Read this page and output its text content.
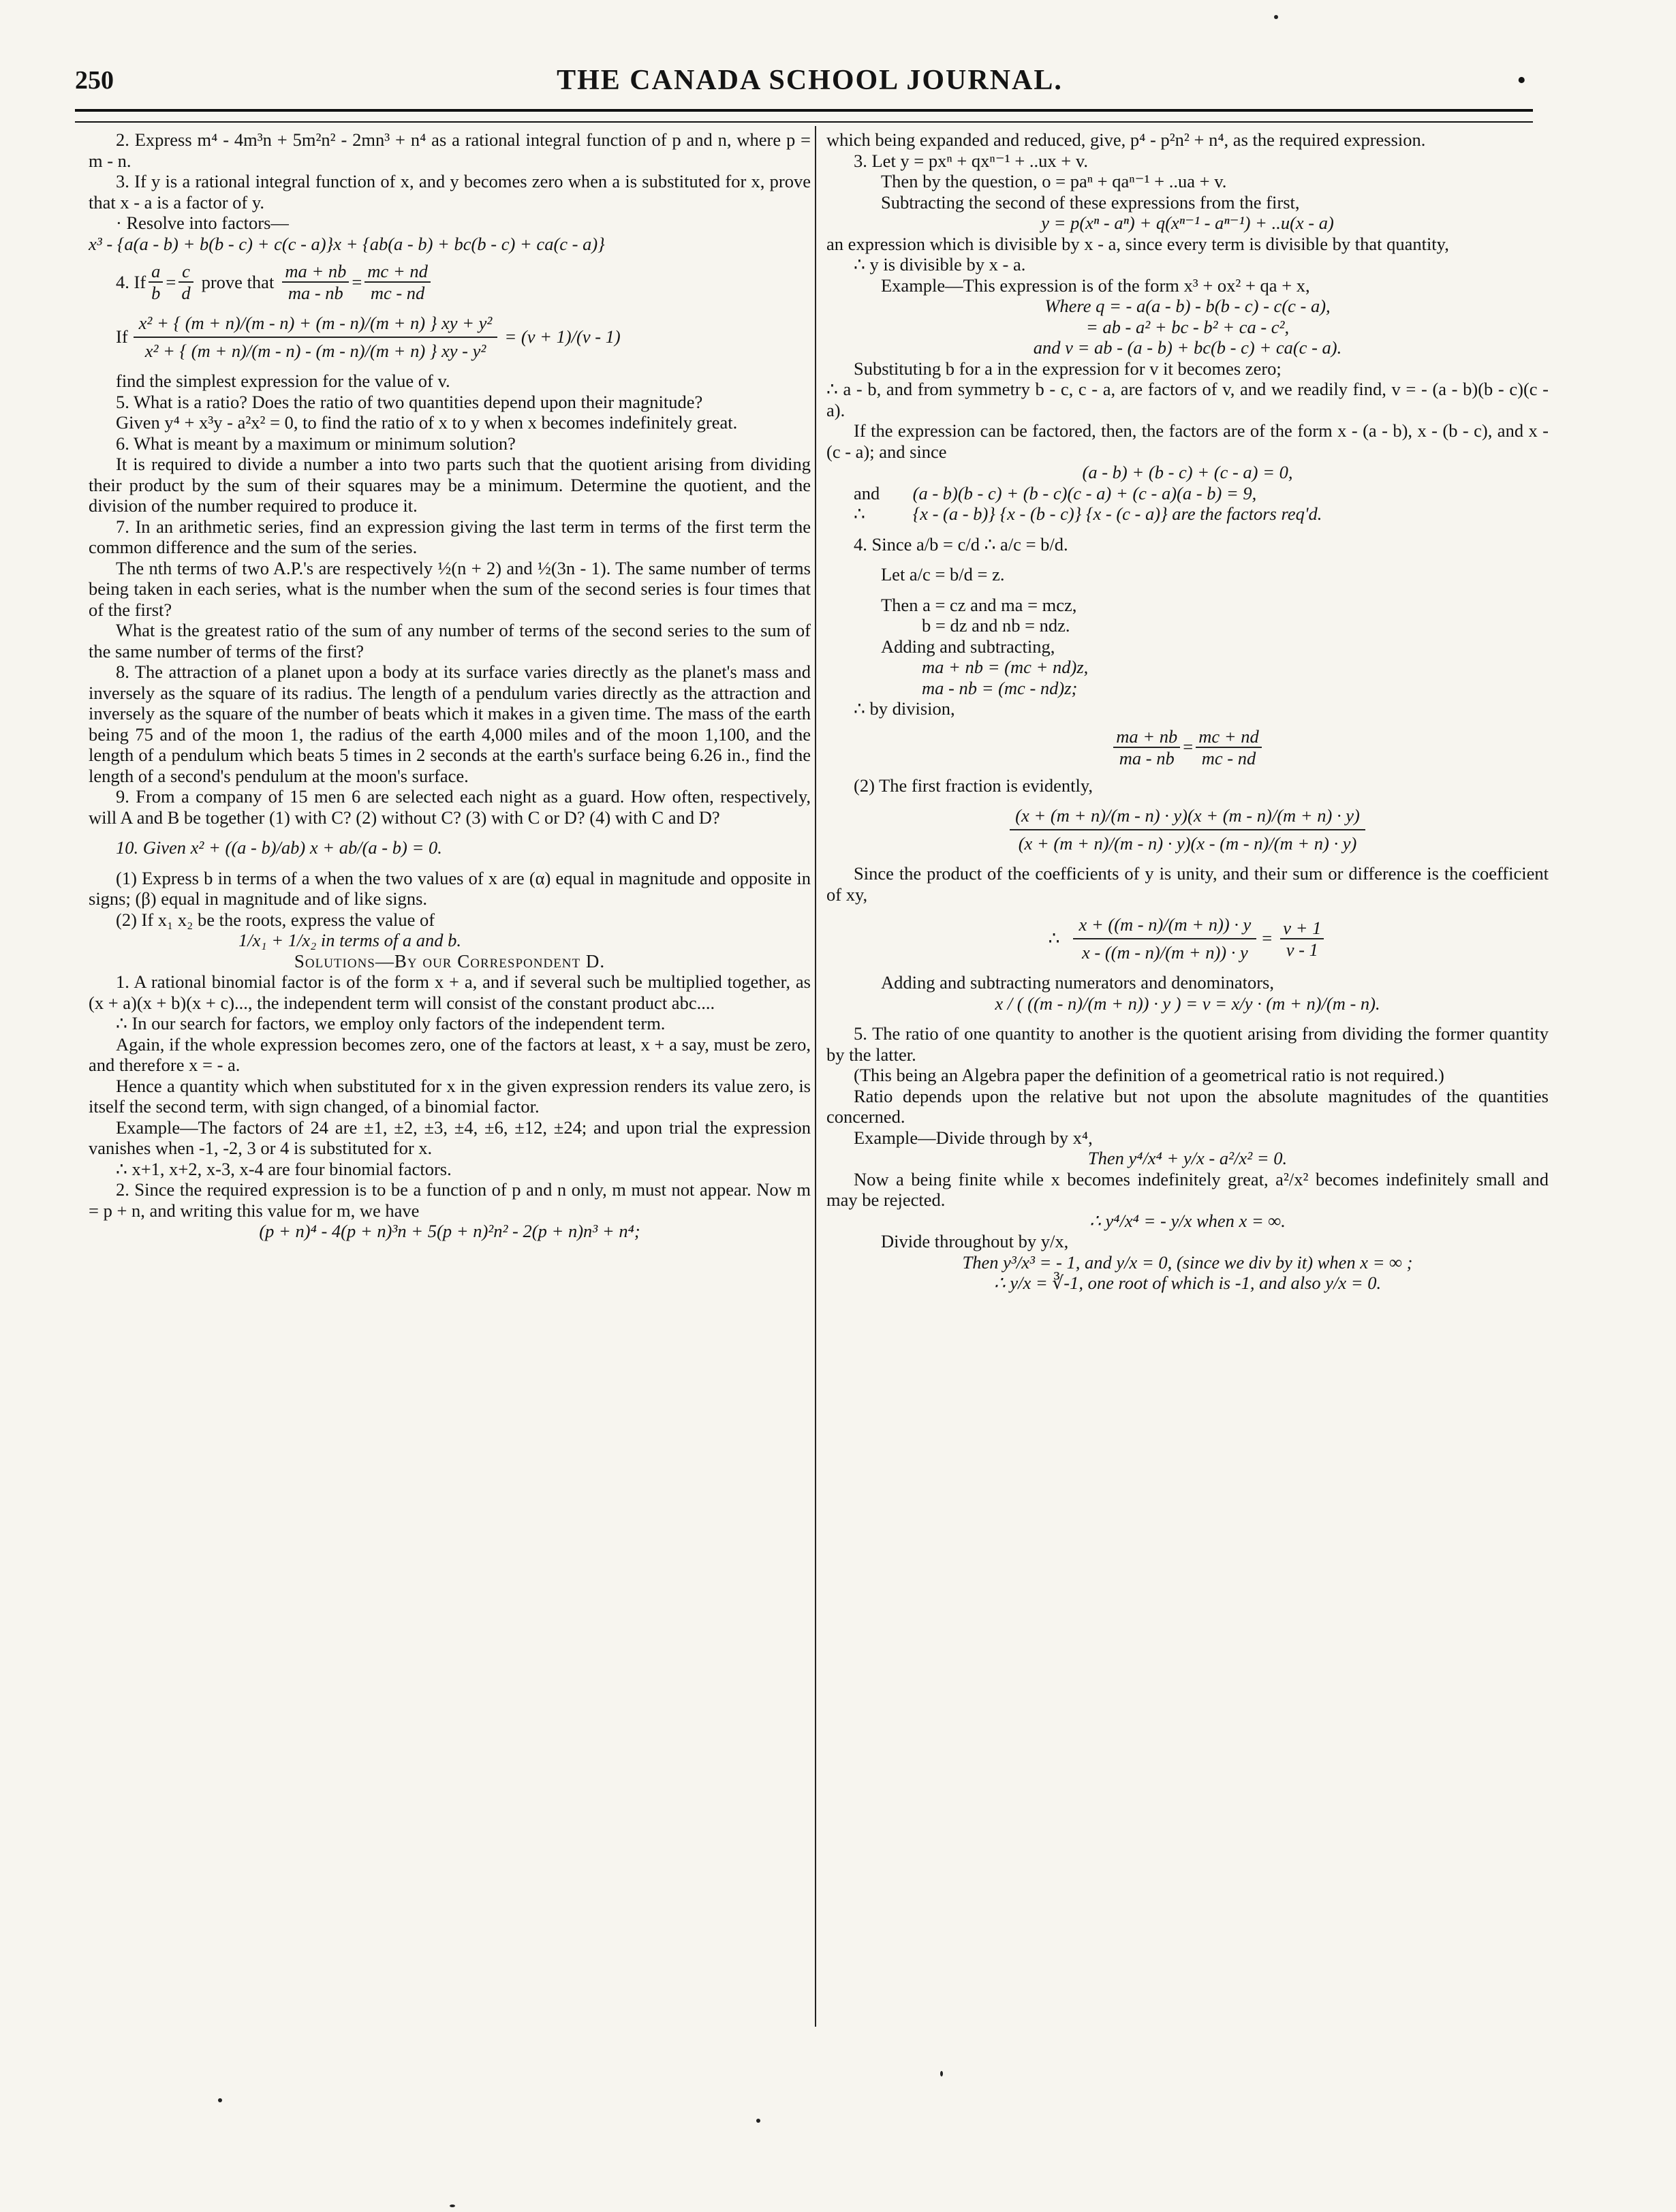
250	THE CANADA SCHOOL JOURNAL.	•

2. Express m⁴ - 4m³n + 5m²n² - 2mn³ + n⁴ as a rational integral function of p and n, where p = m - n.

3. If y is a rational integral function of x, and y becomes zero when a is substituted for x, prove that x - a is a factor of y.

· Resolve into factors—

x³ - {a(a - b) + b(b - c) + c(c - a)}x + {ab(a - b) + bc(b - c) + ca(c - a)}

4. If $\frac{a}{b} = \frac{c}{d}$ prove that $\frac{ma + nb}{ma - nb} = \frac{mc + nd}{mc - nd}$
If $\frac{\text{x² + \{ (m + n)/(m - n) + (m - n)/(m + n) \} xy + y²}}{\text{x² + \{ (m + n)/(m - n) - (m - n)/(m + n) \} xy - y²}} = (v + 1)/(v - 1)$

find the simplest expression for the value of v.

5. What is a ratio? Does the ratio of two quantities depend upon their magnitude?

Given y⁴ + x³y - a²x² = 0, to find the ratio of x to y when x becomes indefinitely great.

6. What is meant by a maximum or minimum solution?

It is required to divide a number a into two parts such that the quotient arising from dividing their product by the sum of their squares may be a minimum. Determine the quotient, and the division of the number required to produce it.

7. In an arithmetic series, find an expression giving the last term in terms of the first term the common difference and the sum of the series.

The nth terms of two A.P.'s are respectively ½(n + 2) and ½(3n - 1). The same number of terms being taken in each series, what is the number when the sum of the second series is four times that of the first?

What is the greatest ratio of the sum of any number of terms of the second series to the sum of the same number of terms of the first?

8. The attraction of a planet upon a body at its surface varies directly as the planet's mass and inversely as the square of its radius. The length of a pendulum varies directly as the attraction and inversely as the square of the number of beats which it makes in a given time. The mass of the earth being 75 and of the moon 1, the radius of the earth 4,000 miles and of the moon 1,100, and the length of a pendulum which beats 5 times in 2 seconds at the earth's surface being 6.26 in., find the length of a second's pendulum at the moon's surface.

9. From a company of 15 men 6 are selected each night as a guard. How often, respectively, will A and B be together (1) with C? (2) without C? (3) with C or D? (4) with C and D?

10. Given x² + ((a - b)/ab) x + ab/(a - b) = 0.

(1) Express b in terms of a when the two values of x are (α) equal in magnitude and opposite in signs; (β) equal in magnitude and of like signs.

(2) If x₁ x₂ be the roots, express the value of

1/x₁ + 1/x₂ in terms of a and b.

Solutions—By our Correspondent D.

1. A rational binomial factor is of the form x + a, and if several such be multiplied together, as (x + a)(x + b)(x + c)..., the independent term will consist of the constant product abc....

∴ In our search for factors, we employ only factors of the independent term.

Again, if the whole expression becomes zero, one of the factors at least, x + a say, must be zero, and therefore x = - a.

Hence a quantity which when substituted for x in the given expression renders its value zero, is itself the second term, with sign changed, of a binomial factor.

Example—The factors of 24 are ±1, ±2, ±3, ±4, ±6, ±12, ±24; and upon trial the expression vanishes when -1, -2, 3 or 4 is substituted for x.

∴ x+1, x+2, x-3, x-4 are four binomial factors.

2. Since the required expression is to be a function of p and n only, m must not appear. Now m = p + n, and writing this value for m, we have

(p + n)⁴ - 4(p + n)³n + 5(p + n)²n² - 2(p + n)n³ + n⁴;

which being expanded and reduced, give, p⁴ - p²n² + n⁴, as the required expression.

3. Let y = pxⁿ + qxⁿ⁻¹ + ..ux + v.

Then by the question, o = paⁿ + qaⁿ⁻¹ + ..ua + v.

Subtracting the second of these expressions from the first,

y = p(xⁿ - aⁿ) + q(xⁿ⁻¹ - aⁿ⁻¹) + ..u(x - a)

an expression which is divisible by x - a, since every term is divisible by that quantity,

∴ y is divisible by x - a.

Example—This expression is of the form x³ + ox² + qa + x,

Where q = - a(a - b) - b(b - c) - c(c - a),

= ab - a² + bc - b² + ca - c²,

and v = ab - (a - b) + bc(b - c) + ca(c - a).

Substituting b for a in the expression for v it becomes zero;

∴ a - b, and from symmetry b - c, c - a, are factors of v, and we readily find, v = - (a - b)(b - c)(c - a).

If the expression can be factored, then, the factors are of the form x - (a - b), x - (b - c), and x - (c - a); and since

(a - b) + (b - c) + (c - a) = 0,

and (a - b)(b - c) + (b - c)(c - a) + (c - a)(a - b) = 9,

∴	{x - (a - b)} {x - (b - c)} {x - (c - a)} are the factors req'd.

4. Since a/b = c/d ∴ a/c = b/d.

Let a/c = b/d = z.

Then a = cz and ma = mcz,

b = dz and nb = ndz.

Adding and subtracting,

ma + nb = (mc + nd)z,

ma - nb = (mc - nd)z;

∴ by division,

$\frac{ma + nb}{ma - nb} = \frac{mc + nd}{mc - nd}$

(2) The first fraction is evidently,

$\frac{(x + (m + n)/(m - n) \cdot y)(x + (m - n)/(m + n) \cdot y)}{(x + (m + n)/(m - n) \cdot y)(x - (m - n)/(m + n) \cdot y)}$

Since the product of the coefficients of y is unity, and their sum or difference is the coefficient of xy,

∴ $\frac{x + ((m - n)/(m + n)) \cdot y}{x - ((m - n)/(m + n)) \cdot y} = \frac{v + 1}{v - 1}$

Adding and subtracting numerators and denominators,

x / ( ((m - n)/(m + n)) · y ) = v = x/y · (m + n)/(m - n).

5. The ratio of one quantity to another is the quotient arising from dividing the former quantity by the latter.

(This being an Algebra paper the definition of a geometrical ratio is not required.)

Ratio depends upon the relative but not upon the absolute magnitudes of the quantities concerned.

Example—Divide through by x⁴,

Then y⁴/x⁴ + y/x - a²/x² = 0.

Now a being finite while x becomes indefinitely great, a²/x² becomes indefinitely small and may be rejected.

∴ y⁴/x⁴ = - y/x when x = ∞.

Divide throughout by y/x,

Then y³/x³ = - 1, and y/x = 0, (since we div by it) when x = ∞ ;

∴ y/x = ∛-1, one root of which is -1, and also y/x = 0.
